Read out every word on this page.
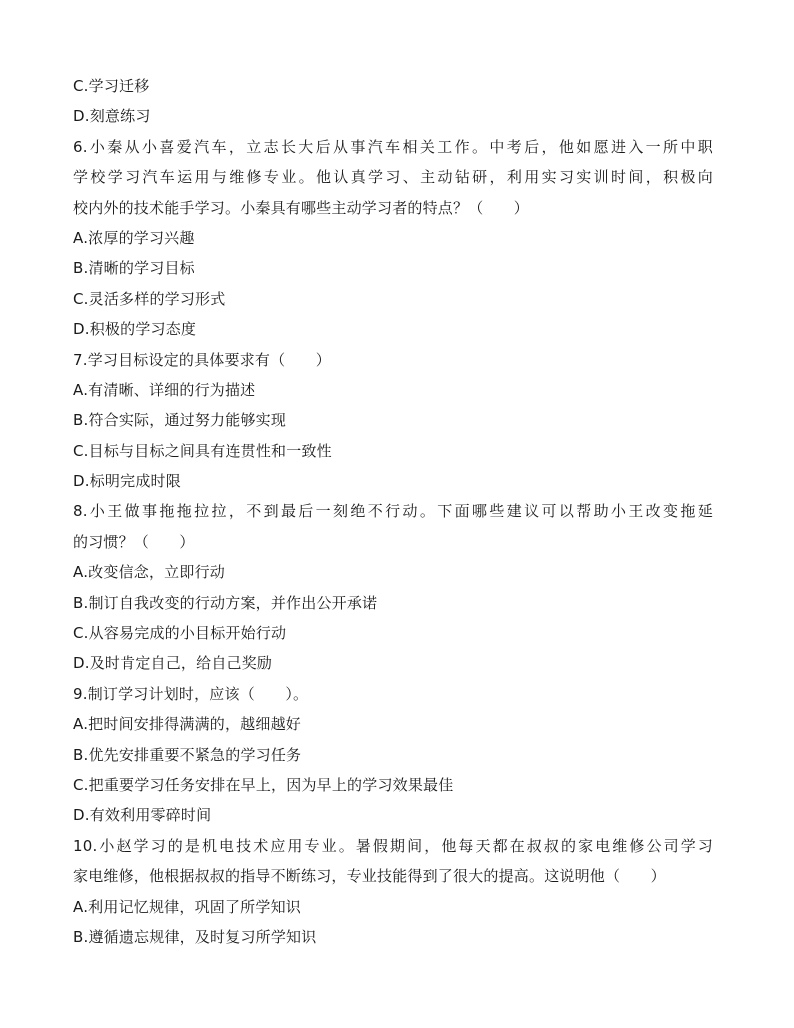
C.学习迁移
D.刻意练习
6.小秦从小喜爱汽车，立志长大后从事汽车相关工作。中考后，他如愿进入一所中职
学校学习汽车运用与维修专业。他认真学习、主动钻研，利用实习实训时间，积极向
校内外的技术能手学习。小秦具有哪些主动学习者的特点？（　　）
A.浓厚的学习兴趣
B.清晰的学习目标
C.灵活多样的学习形式
D.积极的学习态度
7.学习目标设定的具体要求有（　　）
A.有清晰、详细的行为描述
B.符合实际，通过努力能够实现
C.目标与目标之间具有连贯性和一致性
D.标明完成时限
8.小王做事拖拖拉拉，不到最后一刻绝不行动。下面哪些建议可以帮助小王改变拖延
的习惯？（　　）
A.改变信念，立即行动
B.制订自我改变的行动方案，并作出公开承诺
C.从容易完成的小目标开始行动
D.及时肯定自己，给自己奖励
9.制订学习计划时，应该（　　）。
A.把时间安排得满满的，越细越好
B.优先安排重要不紧急的学习任务
C.把重要学习任务安排在早上，因为早上的学习效果最佳
D.有效利用零碎时间
10.小赵学习的是机电技术应用专业。暑假期间，他每天都在叔叔的家电维修公司学习
家电维修，他根据叔叔的指导不断练习，专业技能得到了很大的提高。这说明他（　　）
A.利用记忆规律，巩固了所学知识
B.遵循遗忘规律，及时复习所学知识
